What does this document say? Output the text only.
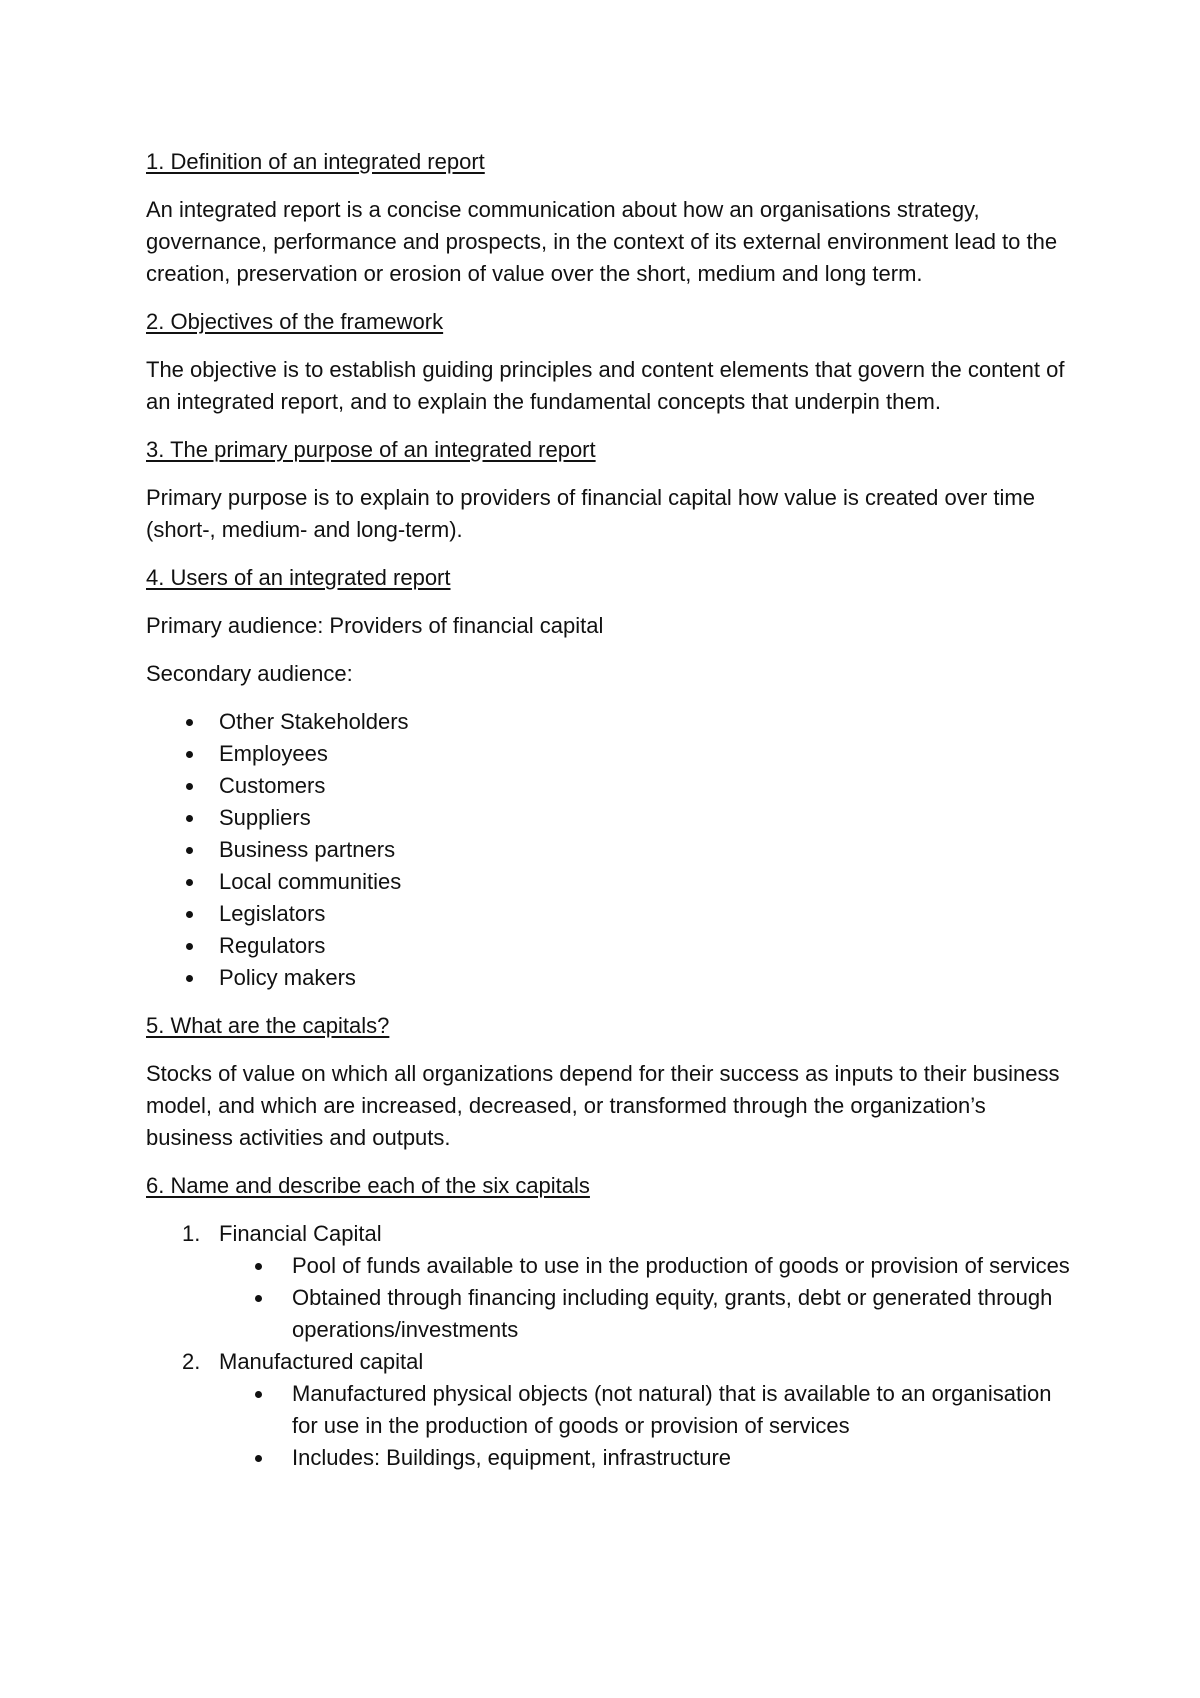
1. Definition of an integrated report

An integrated report is a concise communication about how an organisations strategy, governance, performance and prospects, in the context of its external environment lead to the creation, preservation or erosion of value over the short, medium and long term.

2. Objectives of the framework

The objective is to establish guiding principles and content elements that govern the content of an integrated report, and to explain the fundamental concepts that underpin them.

3. The primary purpose of an integrated report

Primary purpose is to explain to providers of financial capital how value is created over time (short-, medium- and long-term).

4. Users of an integrated report

Primary audience: Providers of financial capital

Secondary audience:

Other Stakeholders
Employees
Customers
Suppliers
Business partners
Local communities
Legislators
Regulators
Policy makers
5. What are the capitals?

Stocks of value on which all organizations depend for their success as inputs to their business model, and which are increased, decreased, or transformed through the organization’s business activities and outputs.

6. Name and describe each of the six capitals
1. Financial Capital
Pool of funds available to use in the production of goods or provision of services
Obtained through financing including equity, grants, debt or generated through operations/investments
2. Manufactured capital
Manufactured physical objects (not natural) that is available to an organisation for use in the production of goods or provision of services
Includes: Buildings, equipment, infrastructure
